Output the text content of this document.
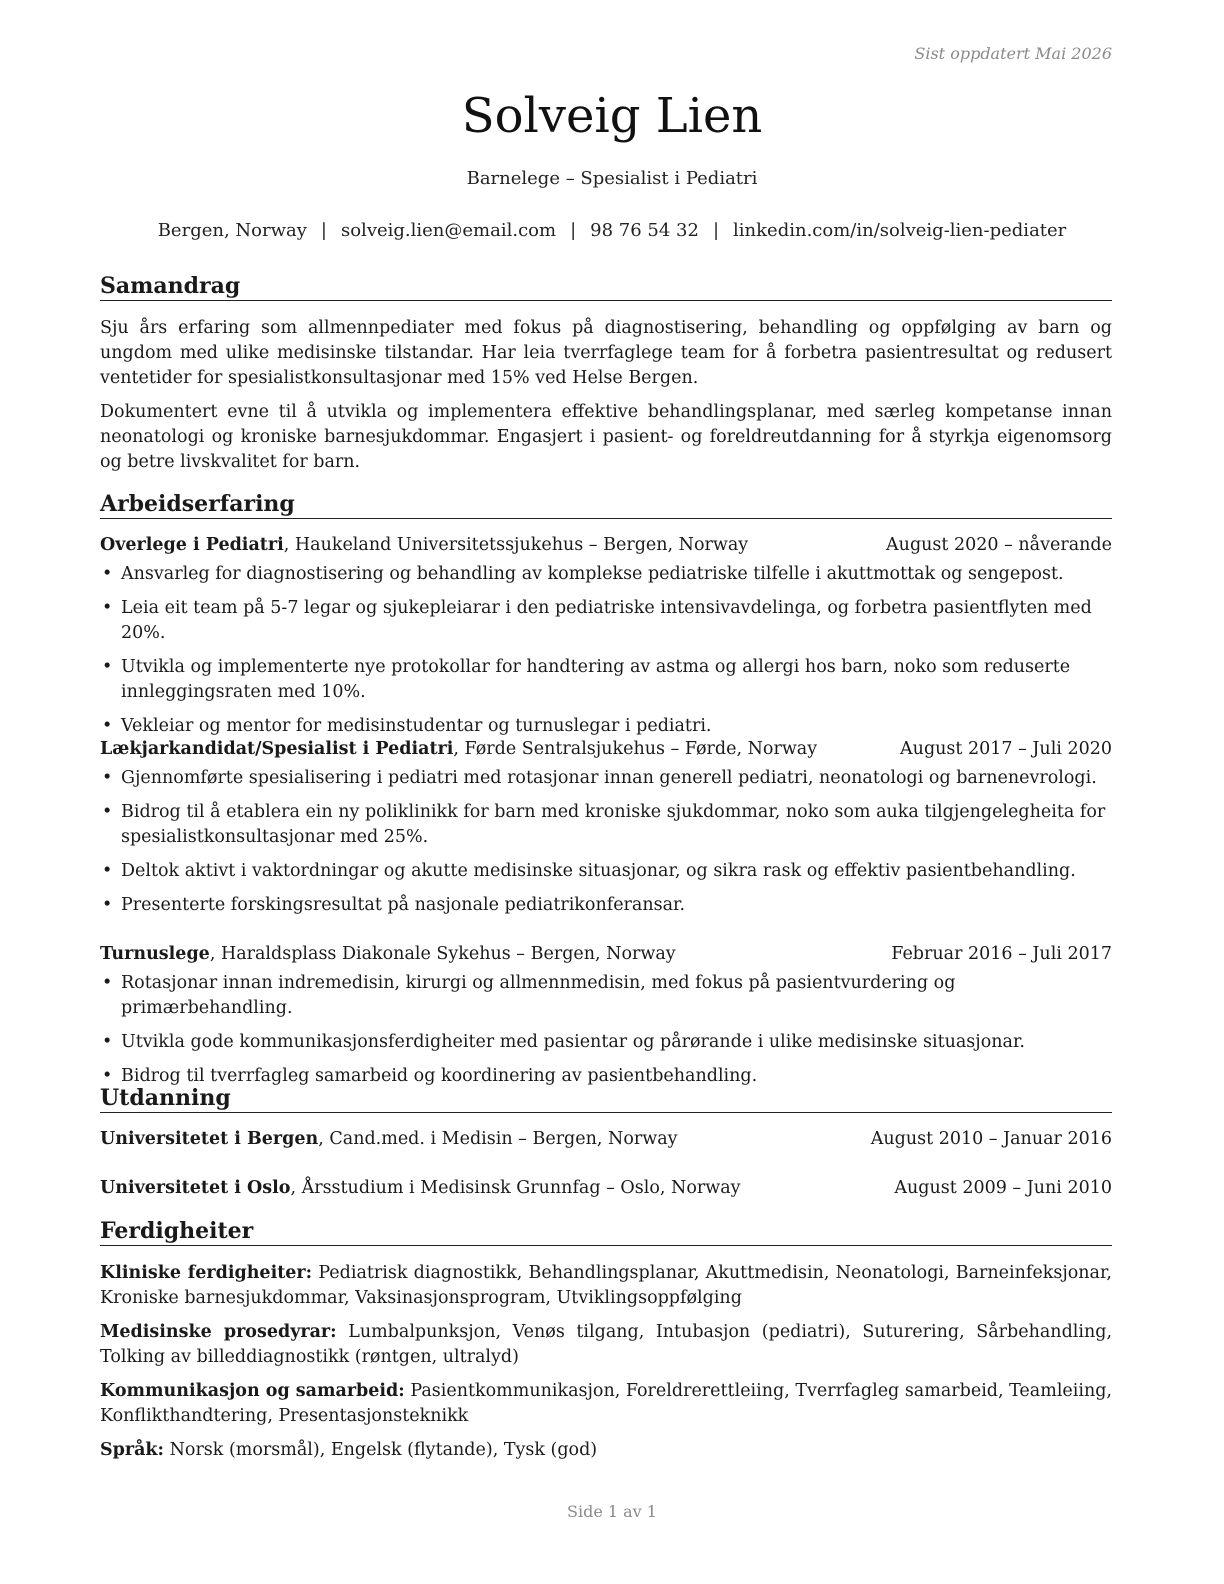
Sist oppdatert Mai 2026
Solveig Lien
Barnelege – Spesialist i Pediatri
Bergen, Norway | solveig.lien@email.com | 98 76 54 32 | linkedin.com/in/solveig-lien-pediater
Samandrag

Sju års erfaring som allmennpediater med fokus på diagnostisering, behandling og oppfølging av barn og ungdom med ulike medisinske tilstandar. Har leia tverrfaglege team for å forbetra pasientresultat og redusert ventetider for spesialistkonsultasjonar med 15% ved Helse Bergen.

Dokumentert evne til å utvikla og implementera effektive behandlingsplanar, med særleg kompetanse innan neonatologi og kroniske barnesjukdommar. Engasjert i pasient- og foreldreutdanning for å styrkja eigenomsorg og betre livskvalitet for barn.

Arbeidserfaring
Overlege i Pediatri, Haukeland Universitetssjukehus – Bergen, Norway	August 2020 – nåverande
• Ansvarleg for diagnostisering og behandling av komplekse pediatriske tilfelle i akuttmottak og sengepost.
• Leia eit team på 5-7 legar og sjukepleiarar i den pediatriske intensivavdelinga, og forbetra pasientflyten med 20%.
• Utvikla og implementerte nye protokollar for handtering av astma og allergi hos barn, noko som reduserte innleggingsraten med 10%.
• Vekleiar og mentor for medisinstudentar og turnuslegar i pediatri.
Lækjarkandidat/Spesialist i Pediatri, Førde Sentralsjukehus – Førde, Norway	August 2017 – Juli 2020
• Gjennomførte spesialisering i pediatri med rotasjonar innan generell pediatri, neonatologi og barnenevrologi.
• Bidrog til å etablera ein ny poliklinikk for barn med kroniske sjukdommar, noko som auka tilgjengelegheita for spesialistkonsultasjonar med 25%.
• Deltok aktivt i vaktordningar og akutte medisinske situasjonar, og sikra rask og effektiv pasientbehandling.
• Presenterte forskingsresultat på nasjonale pediatrikonferansar.
Turnuslege, Haraldsplass Diakonale Sykehus – Bergen, Norway	Februar 2016 – Juli 2017
• Rotasjonar innan indremedisin, kirurgi og allmennmedisin, med fokus på pasientvurdering og primærbehandling.
• Utvikla gode kommunikasjonsferdigheiter med pasientar og pårørande i ulike medisinske situasjonar.
• Bidrog til tverrfagleg samarbeid og koordinering av pasientbehandling.
Utdanning
Universitetet i Bergen, Cand.med. i Medisin – Bergen, Norway	August 2010 – Januar 2016
Universitetet i Oslo, Årsstudium i Medisinsk Grunnfag – Oslo, Norway	August 2009 – Juni 2010
Ferdigheiter

Kliniske ferdigheiter: Pediatrisk diagnostikk, Behandlingsplanar, Akuttmedisin, Neonatologi, Barneinfeksjonar, Kroniske barnesjukdommar, Vaksinasjonsprogram, Utviklingsoppfølging

Medisinske prosedyrar: Lumbalpunksjon, Venøs tilgang, Intubasjon (pediatri), Suturering, Sårbehandling, Tolking av billeddiagnostikk (røntgen, ultralyd)

Kommunikasjon og samarbeid: Pasientkommunikasjon, Foreldrerettleiing, Tverrfagleg samarbeid, Teamleiing, Konflikthandtering, Presentasjonsteknikk

Språk: Norsk (morsmål), Engelsk (flytande), Tysk (god)

Side 1 av 1
